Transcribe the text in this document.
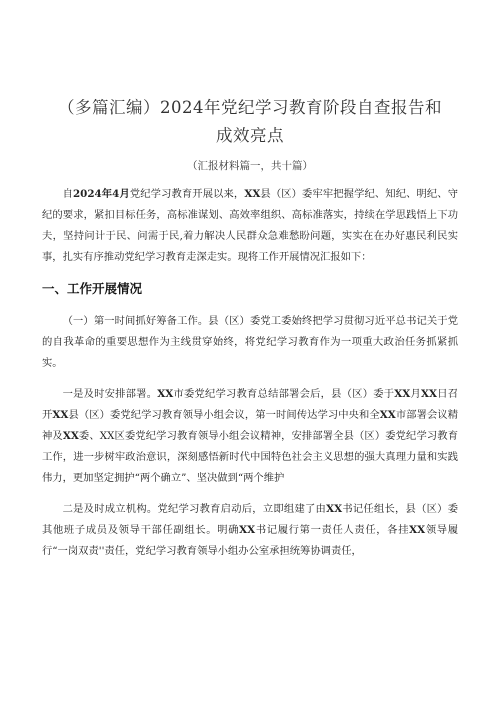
（多篇汇编）2024年党纪学习教育阶段自查报告和
成效亮点
（汇报材料篇一，共十篇）

自2024年4月党纪学习教育开展以来，XX县（区）委牢牢把握学纪、知纪、明纪、守纪的要求，紧扣目标任务，高标准谋划、高效率组织、高标准落实，持续在学思践悟上下功夫，坚持问计于民、问需于民,着力解决人民群众急难愁盼问题，实实在在办好惠民利民实事，扎实有序推动党纪学习教育走深走实。现将工作开展情况汇报如下：

一、工作开展情况

（一）第一时间抓好筹备工作。县（区）委党工委始终把学习贯彻习近平总书记关于党的自我革命的重要思想作为主线贯穿始终，将党纪学习教育作为一项重大政治任务抓紧抓实。

一是及时安排部署。XX市委党纪学习教育总结部署会后，县（区）委于XX月XX日召开XX县（区）委党纪学习教育领导小组会议，第一时间传达学习中央和全XX市部署会议精神及XX委、XX区委党纪学习教育领导小组会议精神，安排部署全县（区）委党纪学习教育工作，进一步树牢政治意识，深刻感悟新时代中国特色社会主义思想的强大真理力量和实践伟力，更加坚定拥护“两个确立”、坚决做到“两个维护

二是及时成立机构。党纪学习教育启动后，立即组建了由XX书记任组长，县（区）委其他班子成员及领导干部任副组长。明确XX书记履行第一责任人责任，各挂XX领导履行“一岗双责''责任，党纪学习教育领导小组办公室承担统筹协调责任，
